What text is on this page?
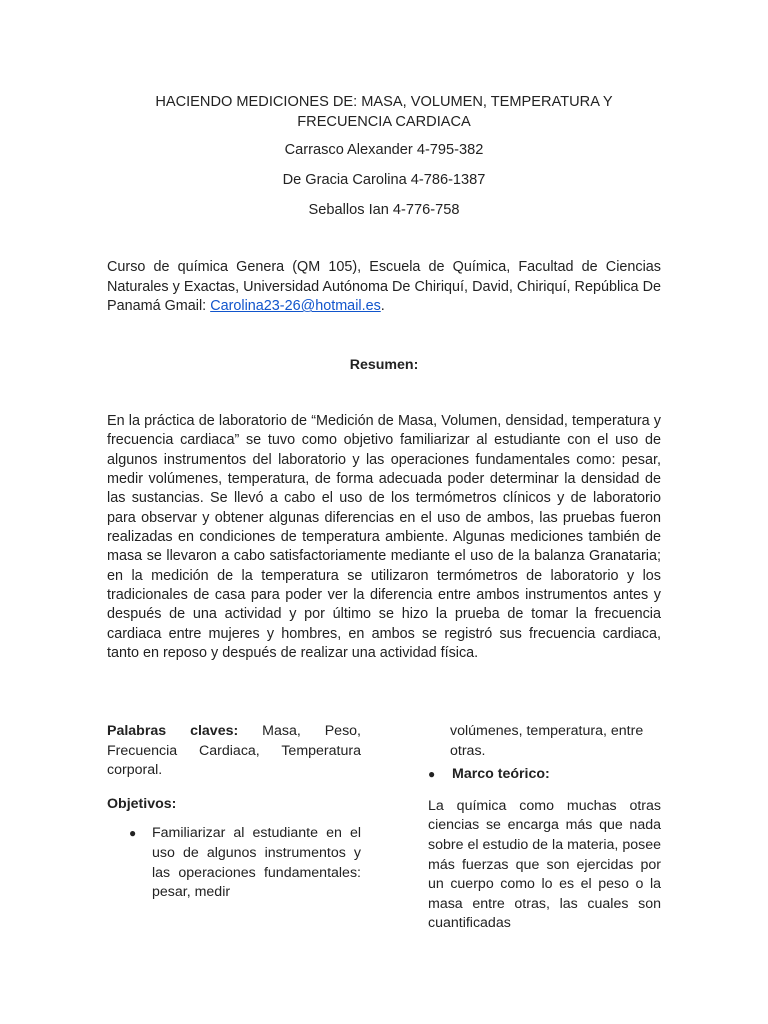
HACIENDO MEDICIONES DE: MASA, VOLUMEN, TEMPERATURA Y
FRECUENCIA CARDIACA
Carrasco Alexander 4-795-382
De Gracia Carolina 4-786-1387
Seballos Ian 4-776-758
Curso de química Genera (QM 105), Escuela de Química, Facultad de Ciencias Naturales y Exactas, Universidad Autónoma De Chiriquí, David, Chiriquí, República De Panamá Gmail: Carolina23-26@hotmail.es.
Resumen:
En la práctica de laboratorio de “Medición de Masa, Volumen, densidad, temperatura y frecuencia cardiaca” se tuvo como objetivo familiarizar al estudiante con el uso de algunos instrumentos del laboratorio y las operaciones fundamentales como: pesar, medir volúmenes, temperatura, de forma adecuada poder determinar la densidad de las sustancias. Se llevó a cabo el uso de los termómetros clínicos y de laboratorio para observar y obtener algunas diferencias en el uso de ambos, las pruebas fueron realizadas en condiciones de temperatura ambiente. Algunas mediciones también de masa se llevaron a cabo satisfactoriamente mediante el uso de la balanza Granataria; en la medición de la temperatura se utilizaron termómetros de laboratorio y los tradicionales de casa para poder ver la diferencia entre ambos instrumentos antes y después de una actividad y por último se hizo la prueba de tomar la frecuencia cardiaca entre mujeres y hombres, en ambos se registró sus frecuencia cardiaca, tanto en reposo y después de realizar una actividad física.
Palabras claves: Masa, Peso, Frecuencia Cardiaca, Temperatura corporal.
Objetivos:
● Familiarizar al estudiante en el uso de algunos instrumentos y las operaciones fundamentales: pesar, medir
volúmenes, temperatura, entre otras.
● Marco teórico:
La química como muchas otras ciencias se encarga más que nada sobre el estudio de la materia, posee más fuerzas que son ejercidas por un cuerpo como lo es el peso o la masa entre otras, las cuales son cuantificadas
